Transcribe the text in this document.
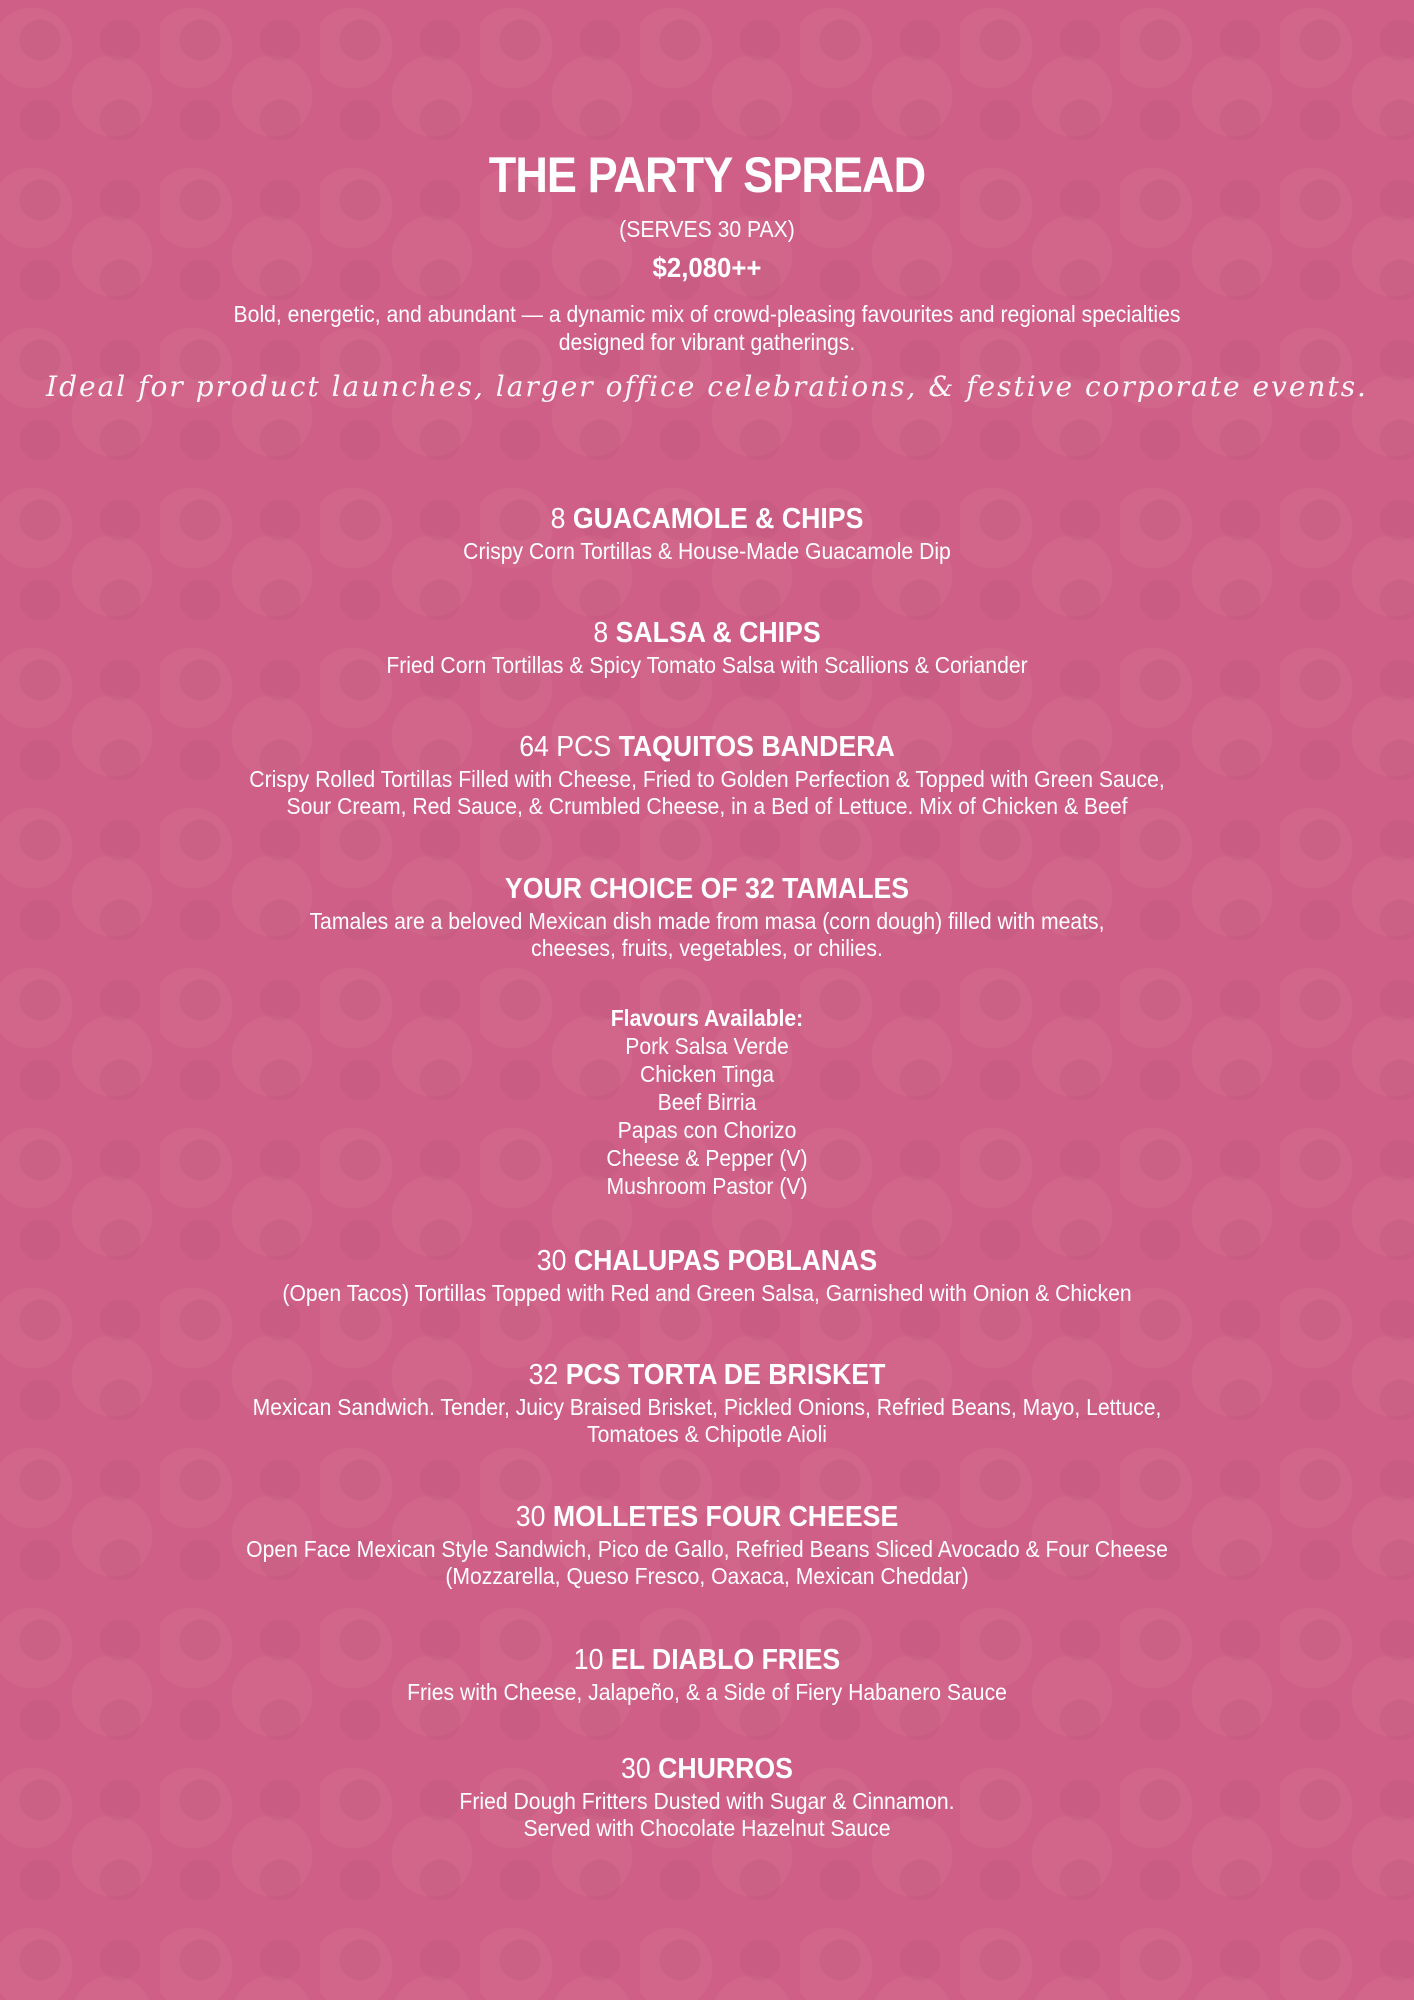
THE PARTY SPREAD
(SERVES 30 PAX)
$2,080++
Bold, energetic, and abundant — a dynamic mix of crowd-pleasing favourites and regional specialties
designed for vibrant gatherings.
Ideal for product launches, larger office celebrations, & festive corporate events.
8 GUACAMOLE & CHIPS
Crispy Corn Tortillas & House-Made Guacamole Dip
8 SALSA & CHIPS
Fried Corn Tortillas & Spicy Tomato Salsa with Scallions & Coriander
64 PCS TAQUITOS BANDERA
Crispy Rolled Tortillas Filled with Cheese, Fried to Golden Perfection & Topped with Green Sauce,
Sour Cream, Red Sauce, & Crumbled Cheese, in a Bed of Lettuce. Mix of Chicken & Beef
YOUR CHOICE OF 32 TAMALES
Tamales are a beloved Mexican dish made from masa (corn dough) filled with meats,
cheeses, fruits, vegetables, or chilies.
Flavours Available:
Pork Salsa Verde
Chicken Tinga
Beef Birria
Papas con Chorizo
Cheese & Pepper (V)
Mushroom Pastor (V)
30 CHALUPAS POBLANAS
(Open Tacos) Tortillas Topped with Red and Green Salsa, Garnished with Onion & Chicken
32 PCS TORTA DE BRISKET
Mexican Sandwich. Tender, Juicy Braised Brisket, Pickled Onions, Refried Beans, Mayo, Lettuce,
Tomatoes & Chipotle Aioli
30 MOLLETES FOUR CHEESE
Open Face Mexican Style Sandwich, Pico de Gallo, Refried Beans Sliced Avocado & Four Cheese
(Mozzarella, Queso Fresco, Oaxaca, Mexican Cheddar)
10 EL DIABLO FRIES
Fries with Cheese, Jalapeño, & a Side of Fiery Habanero Sauce
30 CHURROS
Fried Dough Fritters Dusted with Sugar & Cinnamon.
Served with Chocolate Hazelnut Sauce
